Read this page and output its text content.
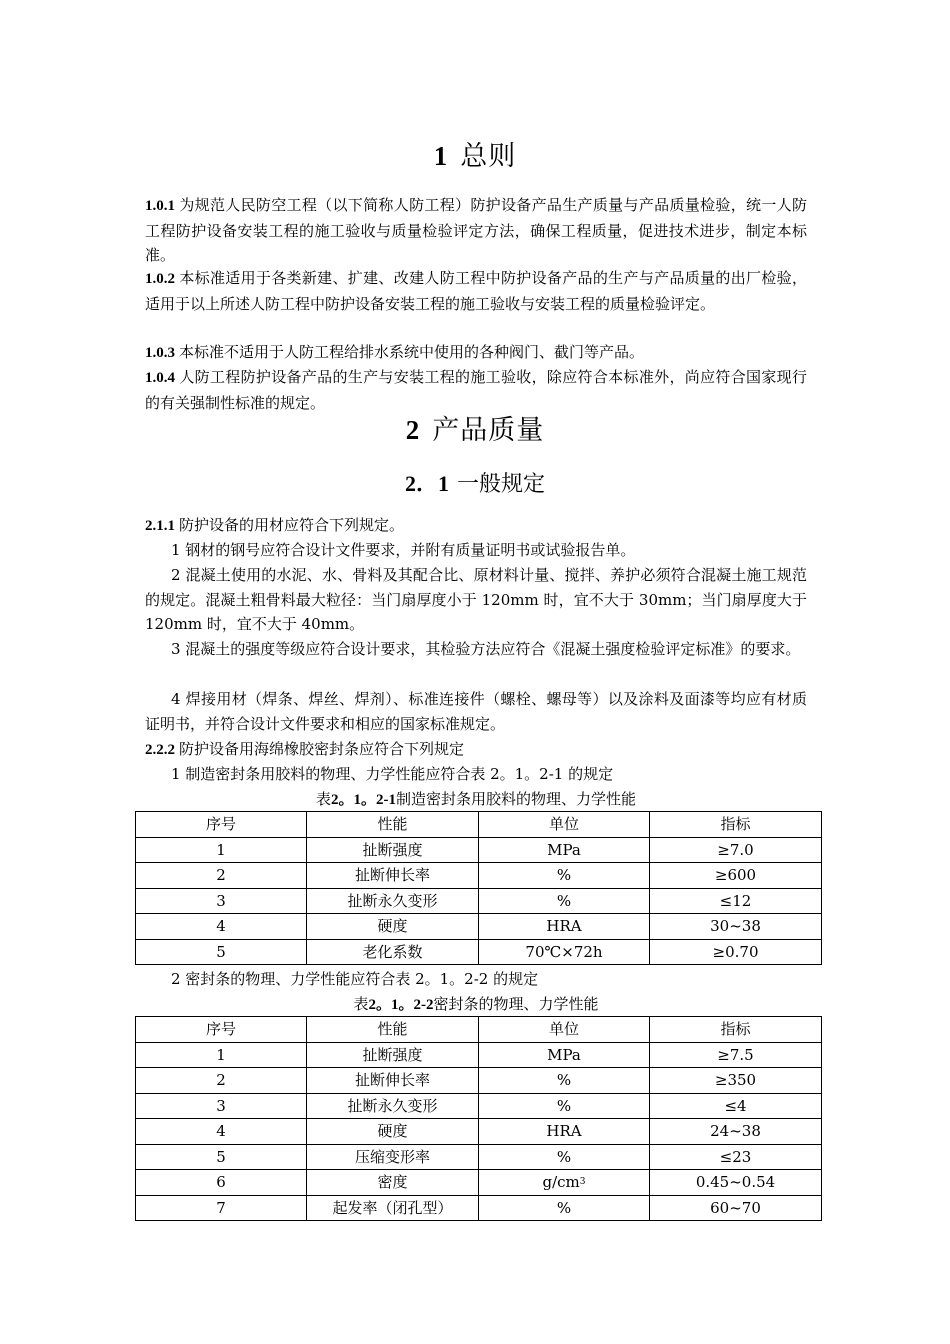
1 总则
1.0.1 为规范人民防空工程（以下简称人防工程）防护设备产品生产质量与产品质量检验，统一人防工程防护设备安装工程的施工验收与质量检验评定方法，确保工程质量，促进技术进步，制定本标准。
1.0.2 本标准适用于各类新建、扩建、改建人防工程中防护设备产品的生产与产品质量的出厂检验，适用于以上所述人防工程中防护设备安装工程的施工验收与安装工程的质量检验评定。
1.0.3 本标准不适用于人防工程给排水系统中使用的各种阀门、截门等产品。
1.0.4 人防工程防护设备产品的生产与安装工程的施工验收，除应符合本标准外，尚应符合国家现行的有关强制性标准的规定。
2 产品质量
2．1 一般规定
2.1.1 防护设备的用材应符合下列规定。
1 钢材的钢号应符合设计文件要求，并附有质量证明书或试验报告单。
2 混凝土使用的水泥、水、骨料及其配合比、原材料计量、搅拌、养护必须符合混凝土施工规范的规定。混凝土粗骨料最大粒径：当门扇厚度小于 120mm 时，宜不大于 30mm；当门扇厚度大于 120mm 时，宜不大于 40mm。
3 混凝土的强度等级应符合设计要求，其检验方法应符合《混凝土强度检验评定标准》的要求。
4 焊接用材（焊条、焊丝、焊剂）、标准连接件（螺栓、螺母等）以及涂料及面漆等均应有材质证明书，并符合设计文件要求和相应的国家标准规定。
2.2.2 防护设备用海绵橡胶密封条应符合下列规定
1 制造密封条用胶料的物理、力学性能应符合表 2。1。2-1 的规定
表2。1。2-1制造密封条用胶料的物理、力学性能
序号	性能	单位	指标
1	扯断强度	MPa	≥7.0
2	扯断伸长率	%	≥600
3	扯断永久变形	%	≤12
4	硬度	HRA	30~38
5	老化系数	70℃×72h	≥0.70
2 密封条的物理、力学性能应符合表 2。1。2-2 的规定
表2。1。2-2密封条的物理、力学性能
序号	性能	单位	指标
1	扯断强度	MPa	≥7.5
2	扯断伸长率	%	≥350
3	扯断永久变形	%	≤4
4	硬度	HRA	24~38
5	压缩变形率	%	≤23
6	密度	$g/cm^3$	0.45~0.54
7	起发率（闭孔型）	%	60~70
